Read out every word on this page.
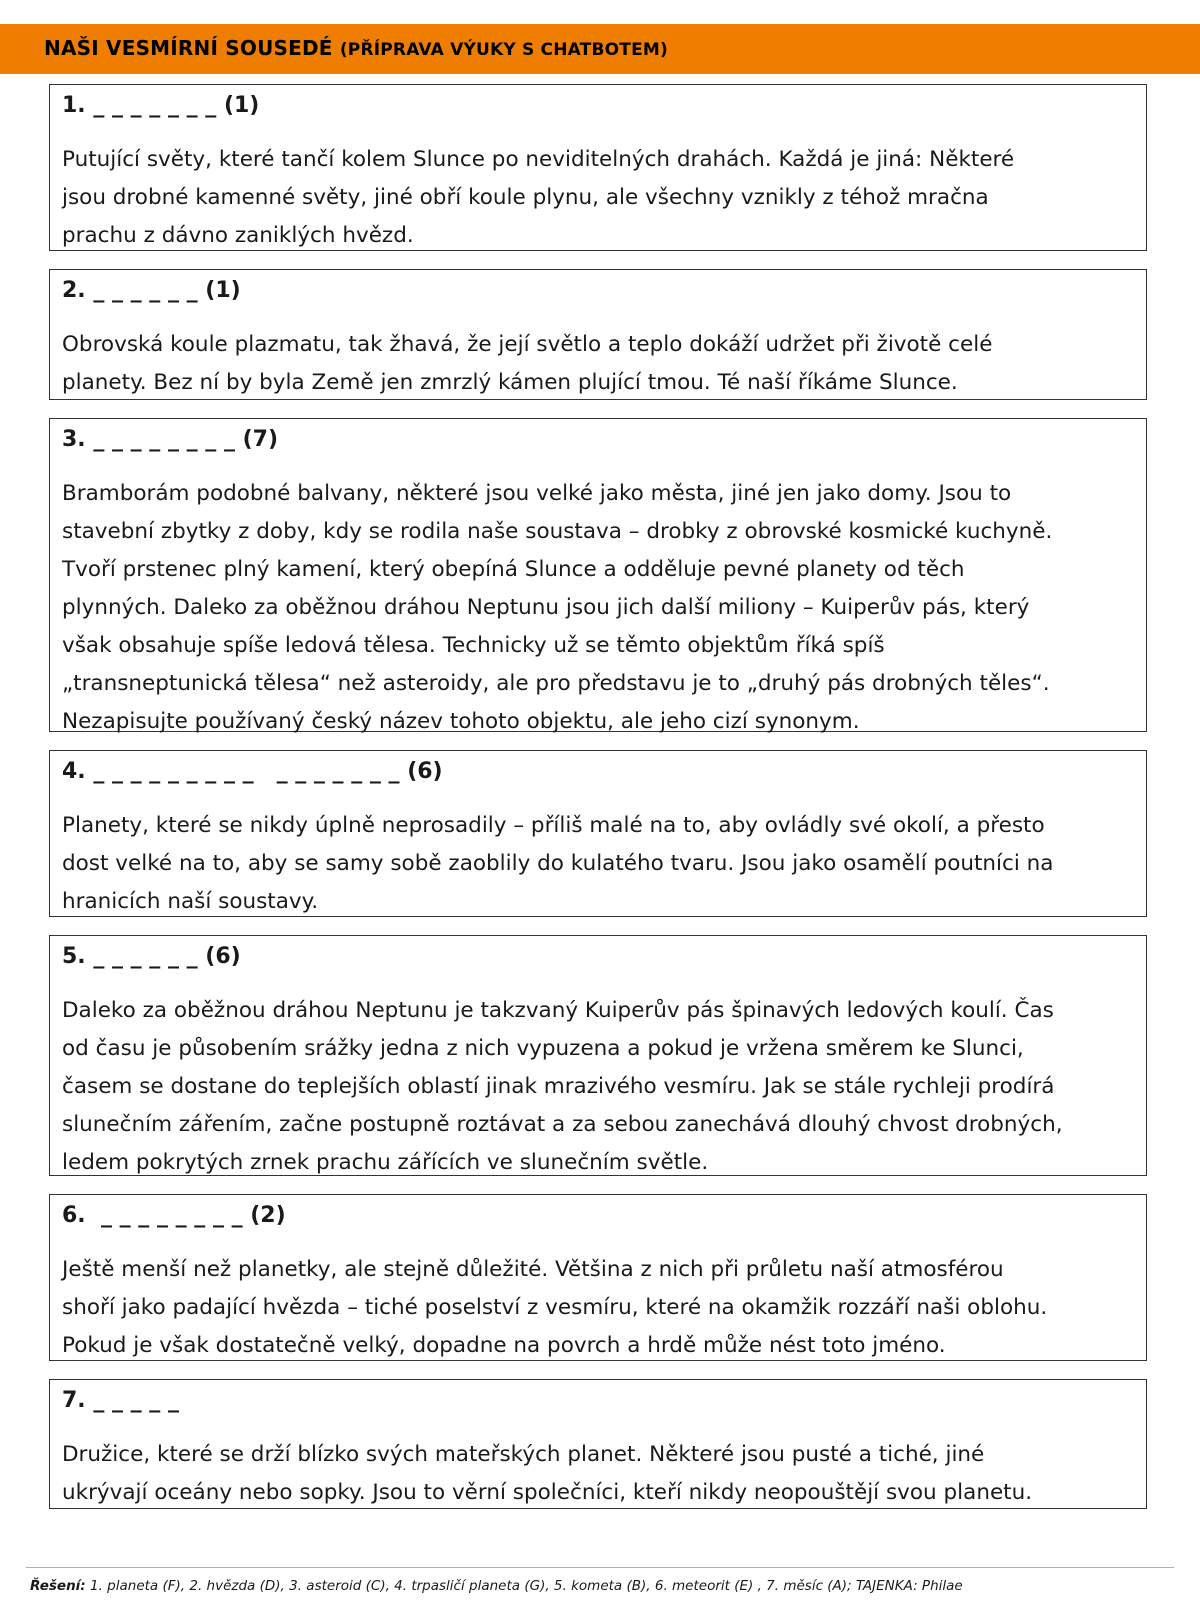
NAŠI VESMÍRNÍ SOUSEDÉ (PŘÍPRAVA VÝUKY S CHATBOTEM)
1. _ _ _ _ _ _ _ (1)
Putující světy, které tančí kolem Slunce po neviditelných drahách. Každá je jiná: Některé
jsou drobné kamenné světy, jiné obří koule plynu, ale všechny vznikly z téhož mračna
prachu z dávno zaniklých hvězd.
2. _ _ _ _ _ _ (1)
Obrovská koule plazmatu, tak žhavá, že její světlo a teplo dokáží udržet při životě celé
planety. Bez ní by byla Země jen zmrzlý kámen plující tmou. Té naší říkáme Slunce.
3. _ _ _ _ _ _ _ _ (7)
Bramborám podobné balvany, některé jsou velké jako města, jiné jen jako domy. Jsou to
stavební zbytky z doby, kdy se rodila naše soustava – drobky z obrovské kosmické kuchyně.
Tvoří prstenec plný kamení, který obepíná Slunce a odděluje pevné planety od těch
plynných. Daleko za oběžnou dráhou Neptunu jsou jich další miliony – Kuiperův pás, který
však obsahuje spíše ledová tělesa. Technicky už se těmto objektům říká spíš
„transneptunická tělesa“ než asteroidy, ale pro představu je to „druhý pás drobných těles“.
Nezapisujte používaný český název tohoto objektu, ale jeho cizí synonym.
4. _ _ _ _ _ _ _ _ _   _ _ _ _ _ _ _ (6)
Planety, které se nikdy úplně neprosadily – příliš malé na to, aby ovládly své okolí, a přesto
dost velké na to, aby se samy sobě zaoblily do kulatého tvaru. Jsou jako osamělí poutníci na
hranicích naší soustavy.
5. _ _ _ _ _ _ (6)
Daleko za oběžnou dráhou Neptunu je takzvaný Kuiperův pás špinavých ledových koulí. Čas
od času je působením srážky jedna z nich vypuzena a pokud je vržena směrem ke Slunci,
časem se dostane do teplejších oblastí jinak mrazivého vesmíru. Jak se stále rychleji prodírá
slunečním zářením, začne postupně roztávat a za sebou zanechává dlouhý chvost drobných,
ledem pokrytých zrnek prachu zářících ve slunečním světle.
6.  _ _ _ _ _ _ _ _ (2)
Ještě menší než planetky, ale stejně důležité. Většina z nich při průletu naší atmosférou
shoří jako padající hvězda – tiché poselství z vesmíru, které na okamžik rozzáří naši oblohu.
Pokud je však dostatečně velký, dopadne na povrch a hrdě může nést toto jméno.
7. _ _ _ _ _
Družice, které se drží blízko svých mateřských planet. Některé jsou pusté a tiché, jiné
ukrývají oceány nebo sopky. Jsou to věrní společníci, kteří nikdy neopouštějí svou planetu.
Řešení: 1. planeta (F), 2. hvězda (D), 3. asteroid (C), 4. trpasličí planeta (G), 5. kometa (B), 6. meteorit (E) , 7. měsíc (A); TAJENKA: Philae
